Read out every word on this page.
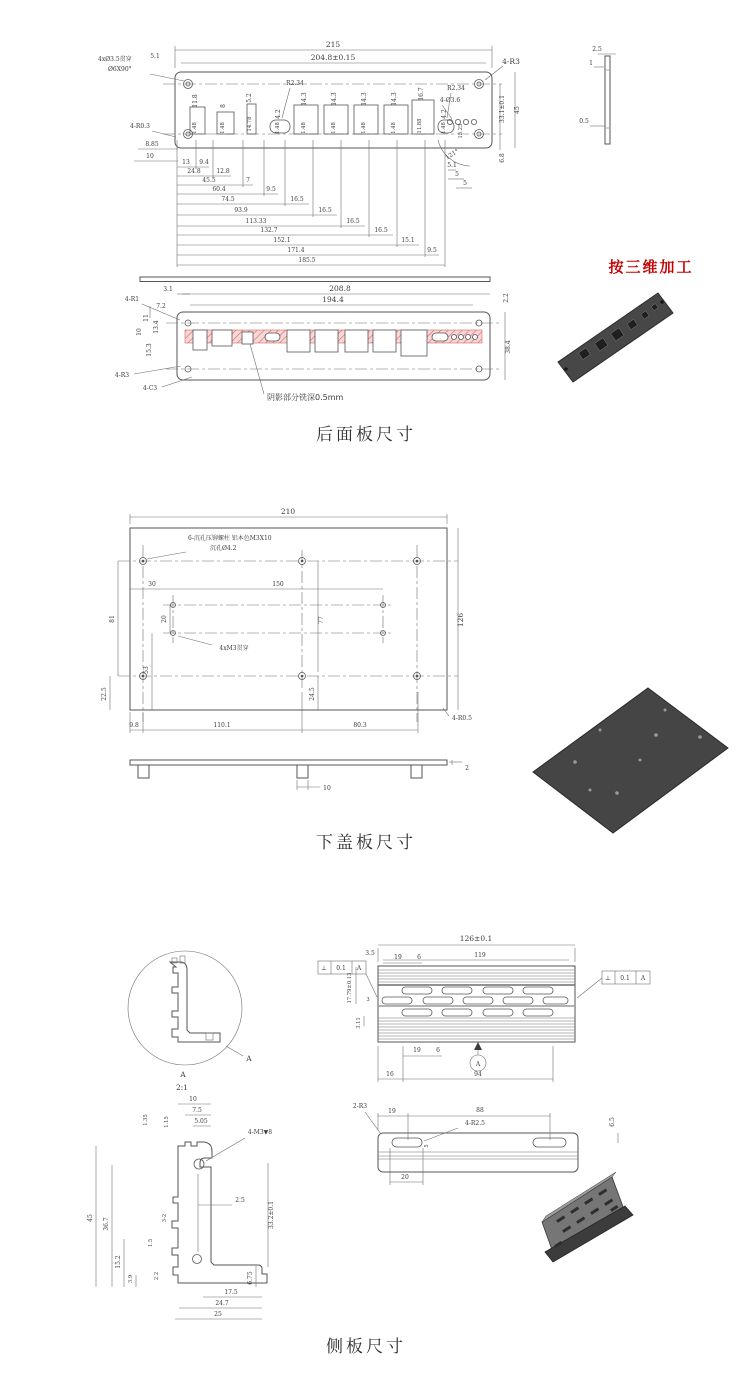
11.8	8
5.2
4.2
14.3	14.3	14.3	14.3	16.7
4.2
1.48	1.48	14.78	1.48	1.48	1.48	1.48	1.48	11.88	1.48 15.25
215
204.8±0.15
4xØ3.5贯穿
Ø6X90°
5.1
4-R3
R2.34
R2.34
4-Ø3.6
4-R0.3
8.85
10
33.1±0.1 45
6.8
121°
5.1
5
5
13 9.4
24.8	12.8
45.5	7
60.4	9.5
74.5	16.5
93.9	16.5
113.33	16.5
132.7	16.5
152.1	15.1
171.4	9.5
185.5
2.5
1
0.5
3.1	208.8
194.4	2.2
4-R1
7.2
11
13.4
10
15.3	38.4
4-R3
4-C3
阴影部分铣深0.5mm
按三维加工
后面板尺寸
210
126
6-沉孔压铆螺柱 铝本色M3X10
沉孔Ø4.2
30	150
81	20	77
4xM3贯穿
53
22.5	24.5
9.8	110.1	80.3
4-R0.5
10
2
下盖板尺寸
A
A
2:1
126±0.1
119
3.5
19	6
⊥ 0.1 A
⊥ 0.1 A
17.79±0.13	3
3.11
19	6
A
16	94
10
7.5
5.05
1.35	1.15
4-M3▼8
2.5
3-2
1.5
45 36.7
15.2
3.9	2.2
33.2±0.1
6.75
17.5
24.7
25
2-R3
19	88
4-R2.5
5
6.5
20
侧板尺寸
